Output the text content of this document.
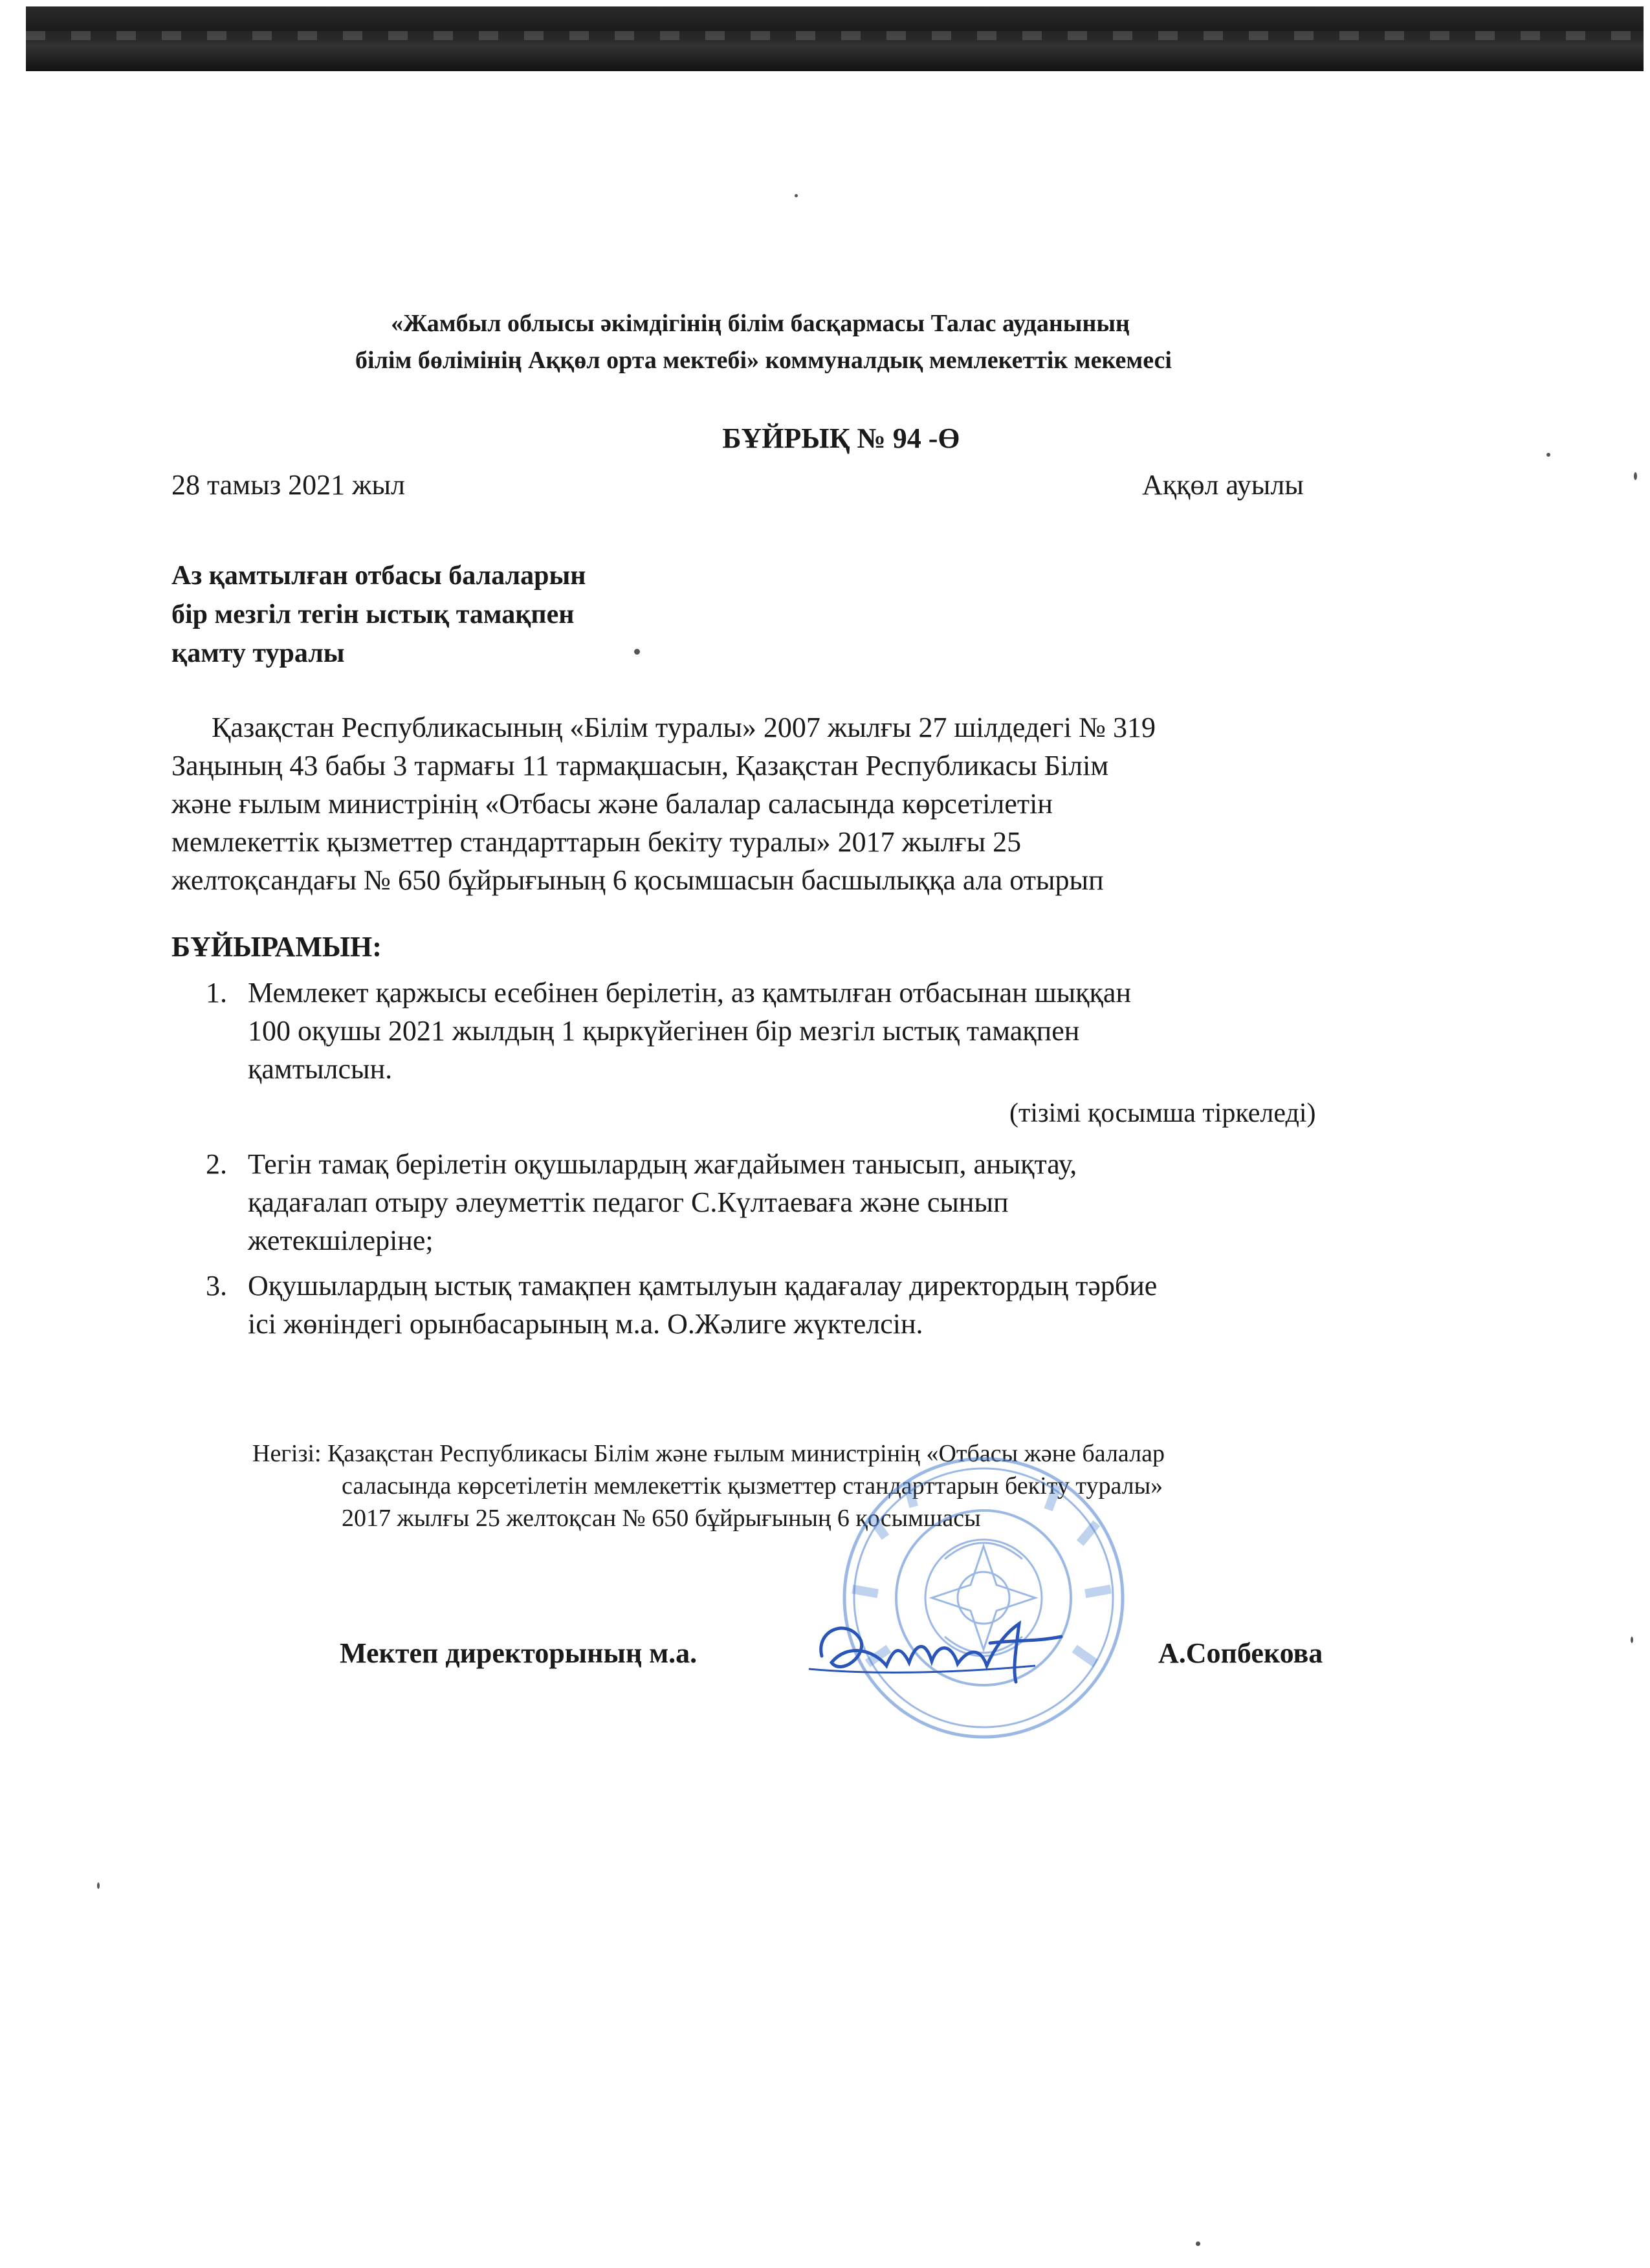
«Жамбыл облысы әкімдігінің білім басқармасы Талас ауданының
білім бөлімінің Аққөл орта мектебі» коммуналдық мемлекеттік мекемесі
БҰЙРЫҚ № 94 -Ө
28 тамыз 2021 жыл	Аққөл ауылы
Аз қамтылған отбасы балаларын
бір мезгіл тегін ыстық тамақпен
қамту туралы
Қазақстан Республикасының «Білім туралы» 2007 жылғы 27 шілдедегі № 319
Заңының 43 бабы 3 тармағы 11 тармақшасын, Қазақстан Республикасы Білім
және ғылым министрінің «Отбасы және балалар саласында көрсетілетін
мемлекеттік қызметтер стандарттарын бекіту туралы» 2017 жылғы 25
желтоқсандағы № 650 бұйрығының 6 қосымшасын басшылыққа ала отырып
БҰЙЫРАМЫН:
1. Мемлекет қаржысы есебінен берілетін, аз қамтылған отбасынан шыққан
100 оқушы 2021 жылдың 1 қыркүйегінен бір мезгіл ыстық тамақпен
қамтылсын.
(тізімі қосымша тіркеледі)
2. Тегін тамақ берілетін оқушылардың жағдайымен танысып, анықтау,
қадағалап отыру әлеуметтік педагог С.Күлтаеваға және сынып
жетекшілеріне;
3. Оқушылардың ыстық тамақпен қамтылуын қадағалау директордың тәрбие
ісі жөніндегі орынбасарының м.а. О.Жәлиге жүктелсін.
Негізі: Қазақстан Республикасы Білім және ғылым министрінің «Отбасы және балалар
саласында көрсетілетін мемлекеттік қызметтер стандарттарын бекіту туралы»
2017 жылғы 25 желтоқсан № 650 бұйрығының 6 қосымшасы
Мектеп директорының м.а.	А.Сопбекова
